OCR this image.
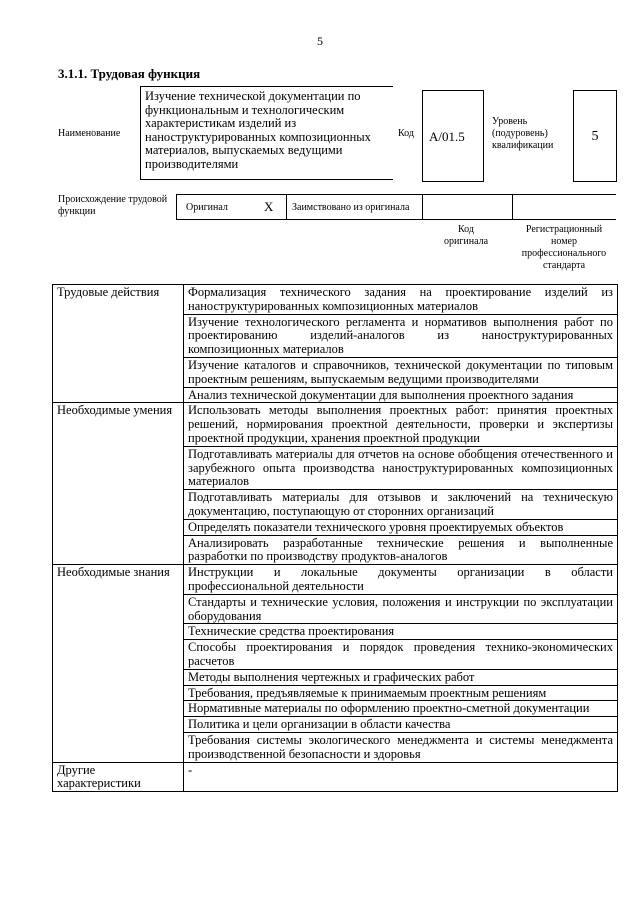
5
3.1.1. Трудовая функция
Наименование
Изучение технической документации по функциональным и технологическим характеристикам изделий из наноструктурированных композиционных материалов, выпускаемых ведущими производителями
Код	A/01.5
Уровень (подуровень) квалификации
5
Происхождение трудовой функции	Оригинал	X Заимствовано из оригинала
Код оригинала
Регистрационный номер профессионального стандарта
Трудовые действия	Формализация технического задания на проектирование изделий из наноструктурированных композиционных материалов
	Изучение технологического регламента и нормативов выполнения работ по проектированию изделий-аналогов из наноструктурированных композиционных материалов
	Изучение каталогов и справочников, технической документации по типовым проектным решениям, выпускаемым ведущими производителями
	Анализ технической документации для выполнения проектного задания
Необходимые умения	Использовать методы выполнения проектных работ: принятия проектных решений, нормирования проектной деятельности, проверки и экспертизы проектной продукции, хранения проектной продукции
	Подготавливать материалы для отчетов на основе обобщения отечественного и зарубежного опыта производства наноструктурированных композиционных материалов
	Подготавливать материалы для отзывов и заключений на техническую документацию, поступающую от сторонних организаций
	Определять показатели технического уровня проектируемых объектов
	Анализировать разработанные технические решения и выполненные разработки по производству продуктов-аналогов
Необходимые знания	Инструкции и локальные документы организации в области профессиональной деятельности
	Стандарты и технические условия, положения и инструкции по эксплуатации оборудования
	Технические средства проектирования
	Способы проектирования и порядок проведения технико-экономических расчетов
	Методы выполнения чертежных и графических работ
	Требования, предъявляемые к принимаемым проектным решениям
	Нормативные материалы по оформлению проектно-сметной документации
	Политика и цели организации в области качества
	Требования системы экологического менеджмента и системы менеджмента производственной безопасности и здоровья
Другие характеристики	-
